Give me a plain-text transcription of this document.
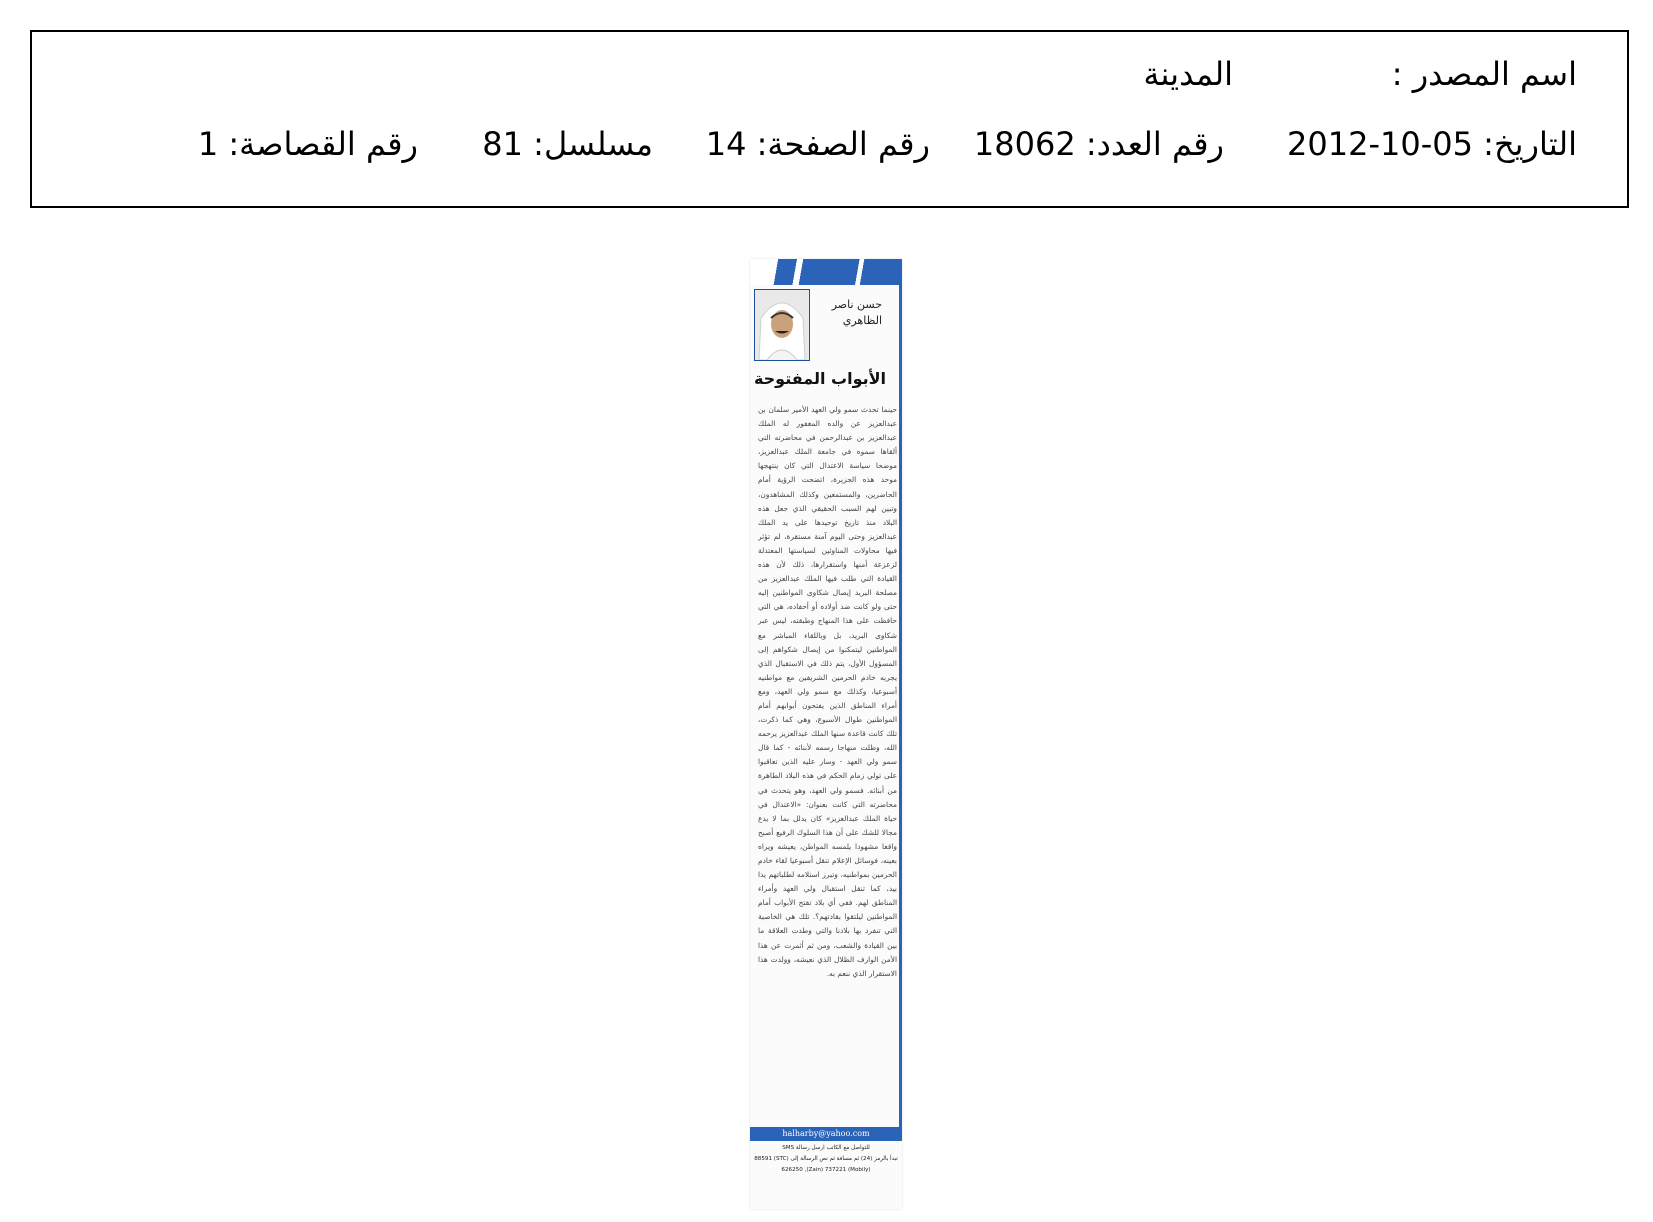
اسم المصدر :
المدينة
التاريخ: 05-10-2012
رقم العدد: 18062
رقم الصفحة: 14
مسلسل: 81
رقم القصاصة: 1
حسن ناصر الظاهري
الأبواب المفتوحة
حينما تحدث سمو ولي العهد الأمير سلمان بن عبدالعزيز عن والده المغفور له الملك عبدالعزيز بن عبدالرحمن في محاضرته التي ألقاها سموه في جامعة الملك عبدالعزيز، موضحا سياسة الاعتدال التي كان ينتهجها موحد هذه الجزيرة، اتضحت الرؤية أمام الحاضرين، والمستمعين وكذلك المشاهدون، وتبين لهم السبب الحقيقي الذي جعل هذه البلاد منذ تاريخ توحيدها على يد الملك عبدالعزيز وحتى اليوم آمنة مستقرة، لم تؤثر فيها محاولات المناوئين لسياستها المعتدلة لزعزعة أمنها واستقرارها، ذلك لأن هذه القيادة التي طلب فيها الملك عبدالعزيز من مصلحة البريد إيصال شكاوى المواطنين إليه حتى ولو كانت ضد أولاده أو أحفاده، هي التي حافظت على هذا المنهاج وطبقته، ليس عبر شكاوى البريد، بل وباللقاء المباشر مع المواطنين ليتمكنوا من إيصال شكواهم إلى المسؤول الأول، يتم ذلك في الاستقبال الذي يجريه خادم الحرمين الشريفين مع مواطنيه أسبوعيا، وكذلك مع سمو ولي العهد، ومع أمراء المناطق الذين يفتحون أبوابهم أمام المواطنين طوال الأسبوع، وهي كما ذكرت، تلك كانت قاعدة سنها الملك عبدالعزيز يرحمه الله، وظلت منهاجا رسمه لأبنائه - كما قال سمو ولي العهد - وسار عليه الذين تعاقبوا على تولي زمام الحكم في هذه البلاد الطاهرة من أبنائه. فسمو ولي العهد، وهو يتحدث في محاضرته التي كانت بعنوان: «الاعتدال في حياة الملك عبدالعزيز» كان يدلل بما لا يدع مجالا للشك على أن هذا السلوك الرفيع أصبح واقعا مشهودا يلمسه المواطن، يعيشه ويراه بعينه، فوسائل الإعلام تنقل أسبوعيا لقاء خادم الحرمين بمواطنيه، وتبرز استلامه لطلباتهم يدا بيد، كما تنقل استقبال ولي العهد وأمراء المناطق لهم. ففي أي بلاد تفتح الأبواب أمام المواطنين ليلتقوا بقادتهم؟. تلك هي الخاصية التي تنفرد بها بلادنا والتي وطدت العلاقة ما بين القيادة والشعب، ومن ثم أثمرت عن هذا الأمن الوارف الظلال الذي نعيشه، وولدت هذا الاستقرار الذي ننعم به.
halharby@yahoo.com
للتواصل مع الكاتب ارسل رسالة SMS
تبدأ بالرمز (24) ثم مسافة ثم نص الرسالة إلى (STC) 88591
(Mobily) 626250 ,(Zain) 737221
